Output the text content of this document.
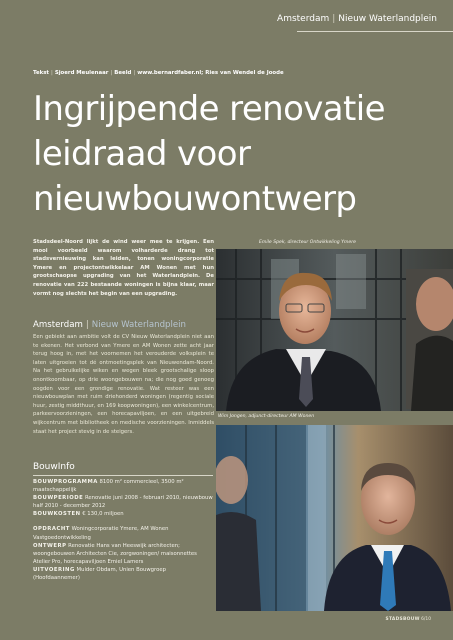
Amsterdam | Nieuw Waterlandplein
Tekst | Sjoerd Meulenaar | Beeld | www.bernardfaber.nl; Ries van Wendel de Joode
Ingrijpende renovatie
leidraad voor
nieuwbouwontwerp

Stadsdeel-Noord lijkt de wind weer mee te krijgen. Een mooi voorbeeld waarom volharderde drang tot stadsvernieuwing kan leiden, tonen woningcorporatie Ymere en projectontwikkelaar AM Wonen met hun grootschaopse upgrading van het Waterlandplein. De renovatie van 222 bestaande woningen is bijna klaar, maar vormt nog slechts het begin van een upgrading.

Amsterdam | Nieuw Waterlandplein

Een gebiekt aan ambitie volt de CV Nieuw Waterlandplein niet aan te ekenen. Het verbond van Ymere en AM Wonen zette acht jaar terug hoog in, met het voornemen het verouderde volksplein te laten uitgroeien tot dé ontmoetingsplek van Nieuwendam-Noord. Na het gebruikelijke wiken en wegen bleek grootschalige sloop onontkoombaar, op drie woongebouwen na; die nog goed genoeg oogden voor een grondige renovatie. Wat resteer was een nieuwbouwplan met ruim driehonderd woningen (regentig sociale huur, zestig middthuur, en 169 koopwoningen), een winkelcentrum, parkeervoorzieningen, een horecapaviljoen, en een uitgebreid wijkcentrum met bibliotheek en medische voorzieningen. Inmiddels staat het project stevig in de steigers.

BouwInfo

BOUWPROGRAMMA 8100 m² commercieel, 3500 m² maatschappelijk

BOUWPERIODE Renovatie juni 2008 - februari 2010, nieuwbouw half 2010 - december 2012

BOUWKOSTEN € 130,0 miljoen

OPDRACHT Woningcorporatie Ymere, AM Wonen Vastgoedontwikkeling

ONTWERP Renovatie Hans van Heeswijk architecten; woongebouwen Architecten Cie, zorgwoningen/ maisonnettes Atelier Pro, horecapaviljoen Emiel Lamers

UITVOERING Mulder Obdam, Unien Bouwgroep (Hoofdaannemer)

Emile Spek, directeur Ontwikkeling Ymere
Wim Jongen, adjunct-directeur AM Wonen
STADSBOUW 6/10
